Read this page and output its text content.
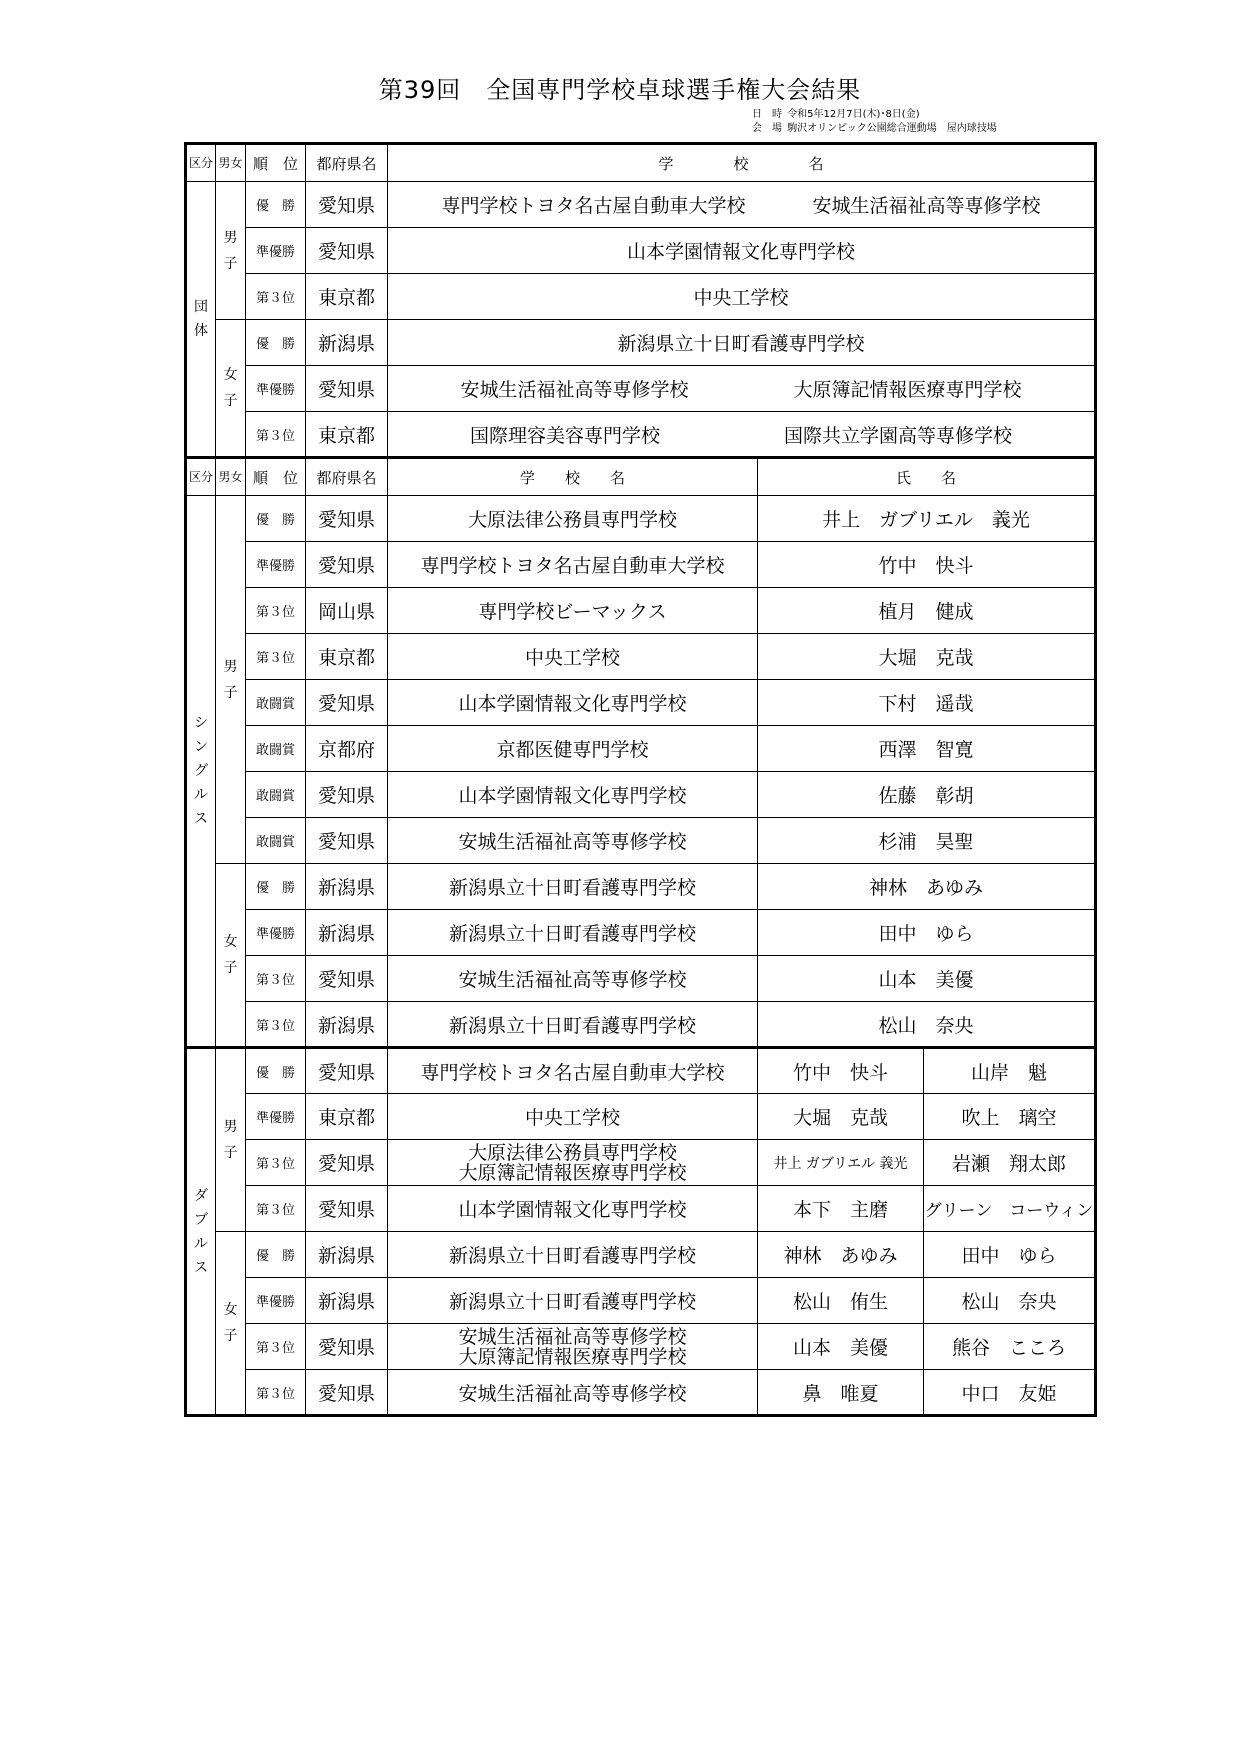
第39回　全国専門学校卓球選手権大会結果
日　時 令和5年12月7日(木)･8日(金)
会　場 駒沢オリンピック公園総合運動場　屋内球技場
区分	男女	順　位	都府県名	学　　　　校　　　　名		

団
体	男
子	優　勝	愛知県	専門学校トヨタ名古屋自動車大学校 安城生活福祉高等専修学校		

		準優勝	愛知県	山本学園情報文化専門学校		

		第３位	東京都	中央工学校		

	女
子	優　勝	新潟県	新潟県立十日町看護専門学校		

		準優勝	愛知県	安城生活福祉高等専修学校 大原簿記情報医療専門学校		

		第３位	東京都	国際理容美容専門学校 国際共立学園高等専修学校		

区分	男女	順　位	都府県名	学　　校　　名	氏　　名	

シ
ン
グ
ル
ス	男
子	優　勝	愛知県	大原法律公務員専門学校	井上　ガブリエル　義光	
		準優勝	愛知県	専門学校トヨタ名古屋自動車大学校	竹中　快斗	
		第３位	岡山県	専門学校ビーマックス	植月　健成	
		第３位	東京都	中央工学校	大堀　克哉	
		敢闘賞	愛知県	山本学園情報文化専門学校	下村　遥哉	
		敢闘賞	京都府	京都医健専門学校	西澤　智寛	
		敢闘賞	愛知県	山本学園情報文化専門学校	佐藤　彰胡	
		敢闘賞	愛知県	安城生活福祉高等専修学校	杉浦　昊聖	

	女
子	優　勝	新潟県	新潟県立十日町看護専門学校	神林　あゆみ	
		準優勝	新潟県	新潟県立十日町看護専門学校	田中　ゆら	
		第３位	愛知県	安城生活福祉高等専修学校	山本　美優	
		第３位	新潟県	新潟県立十日町看護専門学校	松山　奈央	

ダ
ブ
ル
ス	男
子	優　勝	愛知県	専門学校トヨタ名古屋自動車大学校	竹中　快斗	山岸　魁
		準優勝	東京都	中央工学校	大堀　克哉	吹上　璃空
		第３位	愛知県	大原法律公務員専門学校
大原簿記情報医療専門学校	井上 ガブリエル 義光	岩瀬　翔太郎
		第３位	愛知県	山本学園情報文化専門学校	本下　主磨	グリーン　コーウィン

	女
子	優　勝	新潟県	新潟県立十日町看護専門学校	神林　あゆみ	田中　ゆら
		準優勝	新潟県	新潟県立十日町看護専門学校	松山　侑生	松山　奈央
		第３位	愛知県	安城生活福祉高等専修学校
大原簿記情報医療専門学校	山本　美優	熊谷　こころ
		第３位	愛知県	安城生活福祉高等専修学校	鼻　唯夏	中口　友姫
